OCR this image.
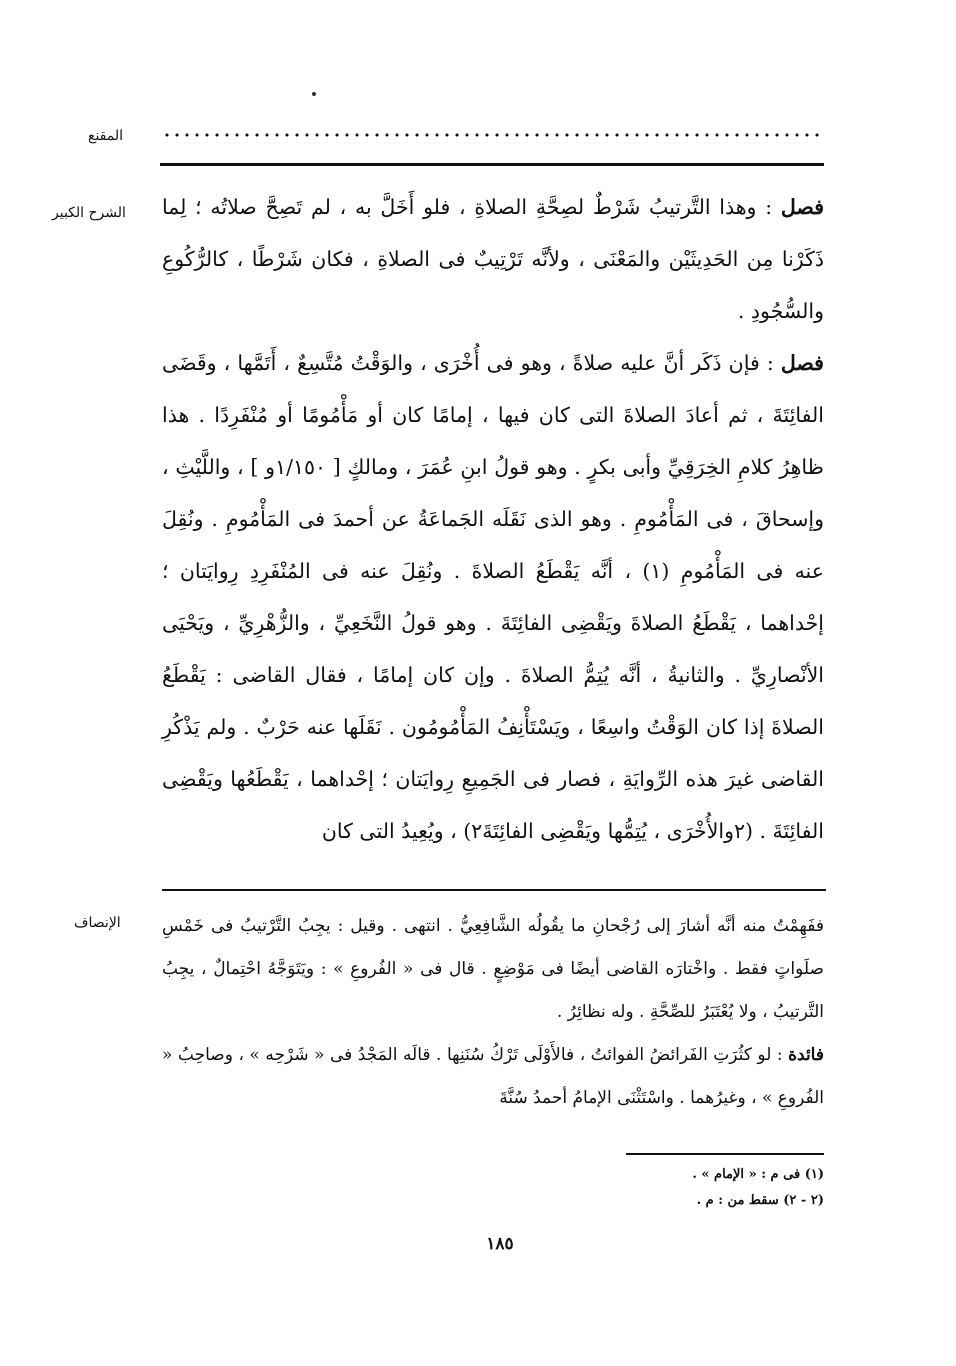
المقنع
الشرح الكبير	فصل : وهذا التَّرتيبُ شَرْطٌ لصِحَّةِ الصلاةِ ، فلو أَخَلَّ به ، لم تَصِحَّ صلاتُه ؛ لِما ذَكَرْنا مِن الحَدِيثَيْن والمَعْنَى ، ولأنَّه تَرْتِيبٌ فى الصلاةِ ، فكان شَرْطًا ، كالرُّكُوعِ والسُّجُودِ .

فصل : فإن ذَكَر أنَّ عليه صلاةً ، وهو فى أُخْرَى ، والوَقْتُ مُتَّسِعٌ ، أَتَمَّها ، وقَضَى الفائِتَةَ ، ثم أعادَ الصلاةَ التى كان فيها ، إمامًا كان أو مَأْمُومًا أو مُنْفَرِدًا . هذا ظاهِرُ كلامِ الخِرَقِيِّ وأبى بكرٍ . وهو قولُ ابنِ عُمَرَ ، ومالكٍ [ ١/١٥٠و ] ، واللَّيْثِ ، وإسحاقَ ، فى المَأْمُومِ . وهو الذى نَقَلَه الجَماعَةُ عن أحمدَ فى المَأْمُومِ . ونُقِلَ عنه فى المَأْمُومِ (١) ، أنَّه يَقْطَعُ الصلاةَ . ونُقِلَ عنه فى المُنْفَرِدِ رِوايَتان ؛ إحْداهما ، يَقْطَعُ الصلاةَ ويَقْضِى الفائِتَةَ . وهو قولُ النَّخَعِيِّ ، والزُّهْرِيِّ ، ويَحْيَى الأنْصارِيِّ . والثانيةُ ، أنَّه يُتِمُّ الصلاةَ . وإن كان إمامًا ، فقال القاضى : يَقْطَعُ الصلاةَ إذا كان الوَقْتُ واسِعًا ، ويَسْتَأْنِفُ المَأْمُومُون . نَقَلَها عنه حَرْبٌ . ولم يَذْكُرِ القاضى غيرَ هذه الرِّوايَةِ ، فصار فى الجَمِيعِ رِوايَتان ؛ إحْداهما ، يَقْطَعُها ويَقْضِى الفائِتَةَ . (٢والأُخْرَى ، يُتِمُّها ويَقْضِى الفائِتَةَ٢) ، ويُعِيدُ التى كان

الإنصاف ففَهِمْتُ منه أنَّه أشارَ إلى رُجْحانِ ما يقُولُه الشَّافِعِيُّ . انتهى . وقيل : يجِبُ التَّرْتيبُ فى خَمْسِ صلَواتٍ فقط . واخْتارَه القاضى أيضًا فى مَوْضِعٍ . قال فى « الفُروعِ » : ويَتَوَجَّهُ احْتِمالٌ ، يجِبُ التَّرتيبُ ، ولا يُعْتَبَرُ للصِّحَّةِ . وله نظائِرُ .

فائدة : لو كثُرَتِ الفَرائضُ الفوائتُ ، فالأَوْلَى تَرْكُ سُنَنِها . قالَه المَجْدُ فى « شَرْحِه » ، وصاحِبُ « الفُروعِ » ، وغيرُهما . واسْتَثْنَى الإمامُ أحمدُ سُنَّةَ

(١) فى م : « الإمام » .
(٢ - ٢) سقط من : م .
١٨٥
